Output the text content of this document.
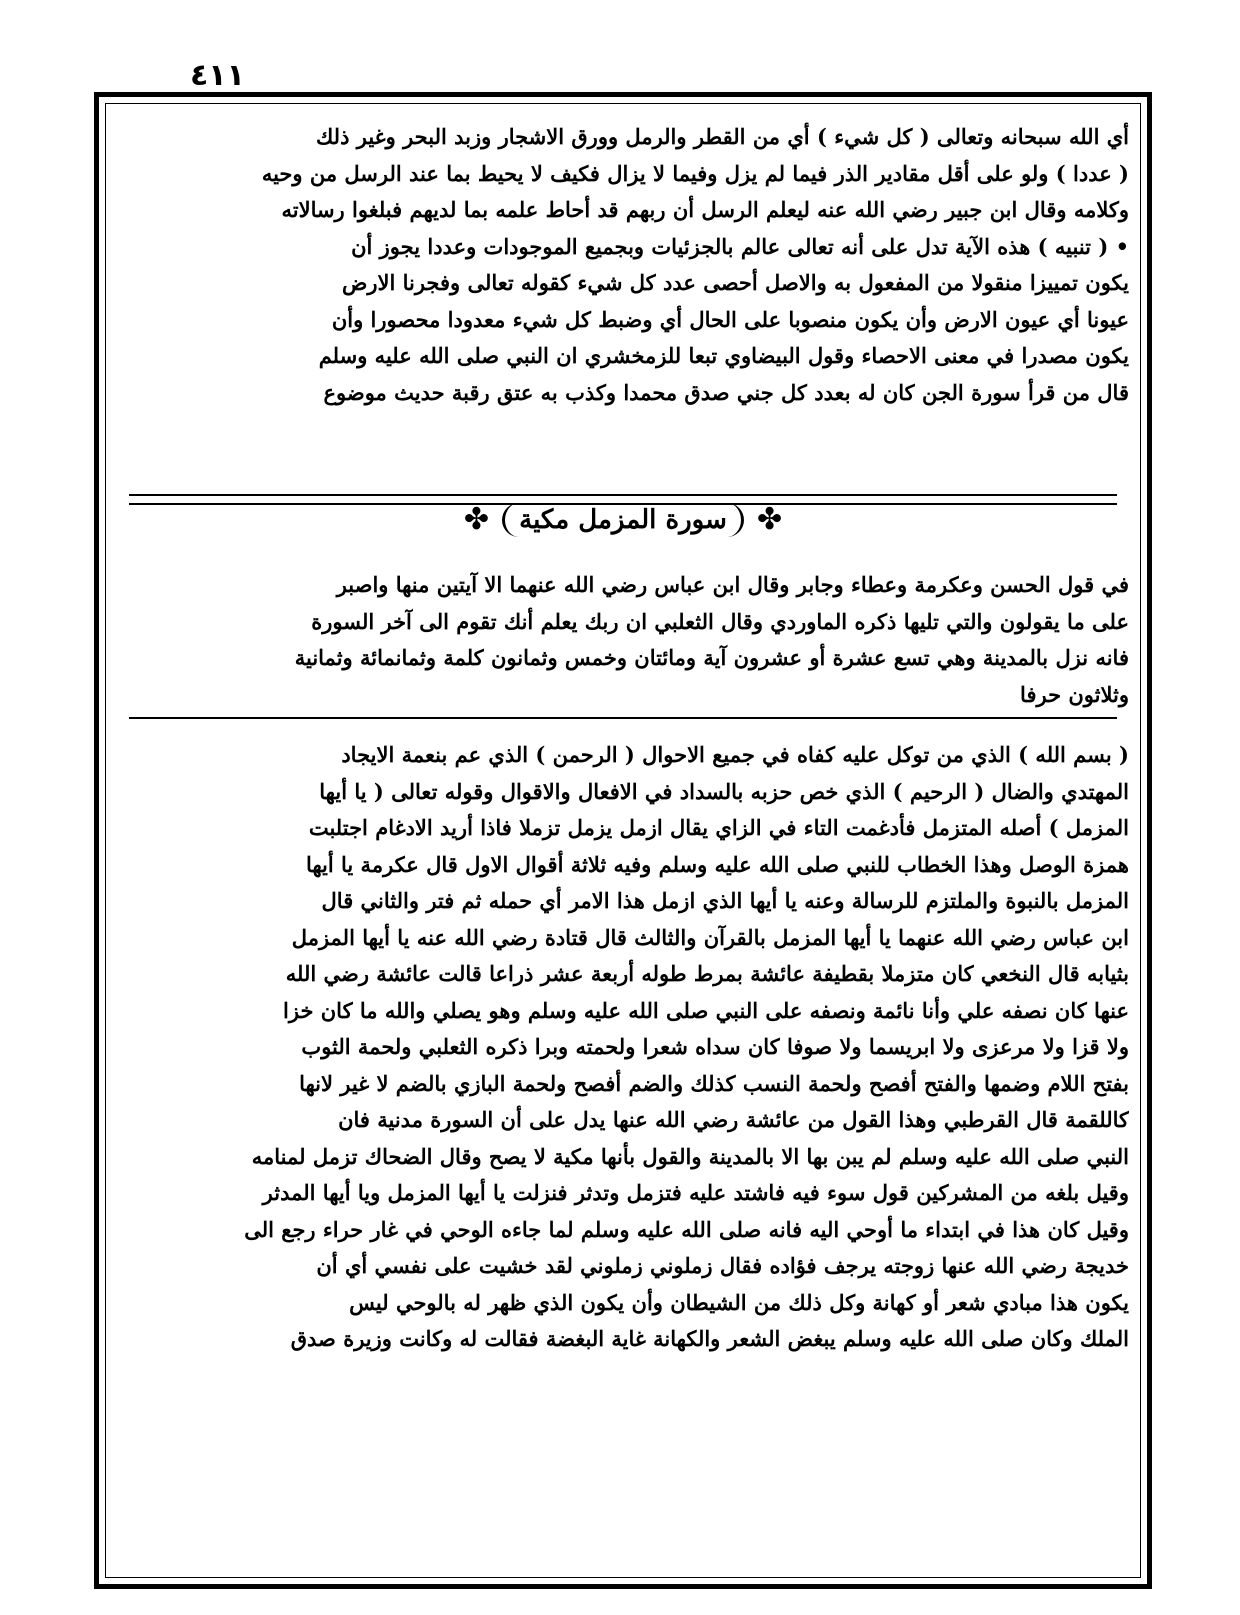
٤١١
أي الله سبحانه وتعالى ( كل شيء ) أي من القطر والرمل وورق الاشجار وزبد البحر وغير ذلك
( عددا ) ولو على أقل مقادير الذر فيما لم يزل وفيما لا يزال فكيف لا يحيط بما عند الرسل من وحيه
وكلامه وقال ابن جبير رضي الله عنه ليعلم الرسل أن ربهم قد أحاط علمه بما لديهم فبلغوا رسالاته
• ( تنبيه ) هذه الآية تدل على أنه تعالى عالم بالجزئيات وبجميع الموجودات وعددا يجوز أن
يكون تمييزا منقولا من المفعول به والاصل أحصى عدد كل شيء كقوله تعالى وفجرنا الارض
عيونا أي عيون الارض وأن يكون منصوبا على الحال أي وضبط كل شيء معدودا محصورا وأن
يكون مصدرا في معنى الاحصاء وقول البيضاوي تبعا للزمخشري ان النبي صلى الله عليه وسلم
قال من قرأ سورة الجن كان له بعدد كل جني صدق محمدا وكذب به عتق رقبة حديث موضوع
✤ سورة المزمل مكية ✤
في قول الحسن وعكرمة وعطاء وجابر وقال ابن عباس رضي الله عنهما الا آيتين منها واصبر
على ما يقولون والتي تليها ذكره الماوردي وقال الثعلبي ان ربك يعلم أنك تقوم الى آخر السورة
فانه نزل بالمدينة وهي تسع عشرة أو عشرون آية ومائتان وخمس وثمانون كلمة وثمانمائة وثمانية
وثلاثون حرفا
( بسم الله ) الذي من توكل عليه كفاه في جميع الاحوال ( الرحمن ) الذي عم بنعمة الايجاد
المهتدي والضال ( الرحيم ) الذي خص حزبه بالسداد في الافعال والاقوال وقوله تعالى ( يا أيها
المزمل ) أصله المتزمل فأدغمت التاء في الزاي يقال ازمل يزمل تزملا فاذا أريد الادغام اجتلبت
همزة الوصل وهذا الخطاب للنبي صلى الله عليه وسلم وفيه ثلاثة أقوال الاول قال عكرمة يا أيها
المزمل بالنبوة والملتزم للرسالة وعنه يا أيها الذي ازمل هذا الامر أي حمله ثم فتر والثاني قال
ابن عباس رضي الله عنهما يا أيها المزمل بالقرآن والثالث قال قتادة رضي الله عنه يا أيها المزمل
بثيابه قال النخعي كان متزملا بقطيفة عائشة بمرط طوله أربعة عشر ذراعا قالت عائشة رضي الله
عنها كان نصفه علي وأنا نائمة ونصفه على النبي صلى الله عليه وسلم وهو يصلي والله ما كان خزا
ولا قزا ولا مرعزى ولا ابريسما ولا صوفا كان سداه شعرا ولحمته وبرا ذكره الثعلبي ولحمة الثوب
بفتح اللام وضمها والفتح أفصح ولحمة النسب كذلك والضم أفصح ولحمة البازي بالضم لا غير لانها
كاللقمة قال القرطبي وهذا القول من عائشة رضي الله عنها يدل على أن السورة مدنية فان
النبي صلى الله عليه وسلم لم يبن بها الا بالمدينة والقول بأنها مكية لا يصح وقال الضحاك تزمل لمنامه
وقيل بلغه من المشركين قول سوء فيه فاشتد عليه فتزمل وتدثر فنزلت يا أيها المزمل ويا أيها المدثر
وقيل كان هذا في ابتداء ما أوحي اليه فانه صلى الله عليه وسلم لما جاءه الوحي في غار حراء رجع الى
خديجة رضي الله عنها زوجته يرجف فؤاده فقال زملوني زملوني لقد خشيت على نفسي أي أن
يكون هذا مبادي شعر أو كهانة وكل ذلك من الشيطان وأن يكون الذي ظهر له بالوحي ليس
الملك وكان صلى الله عليه وسلم يبغض الشعر والكهانة غاية البغضة فقالت له وكانت وزيرة صدق
